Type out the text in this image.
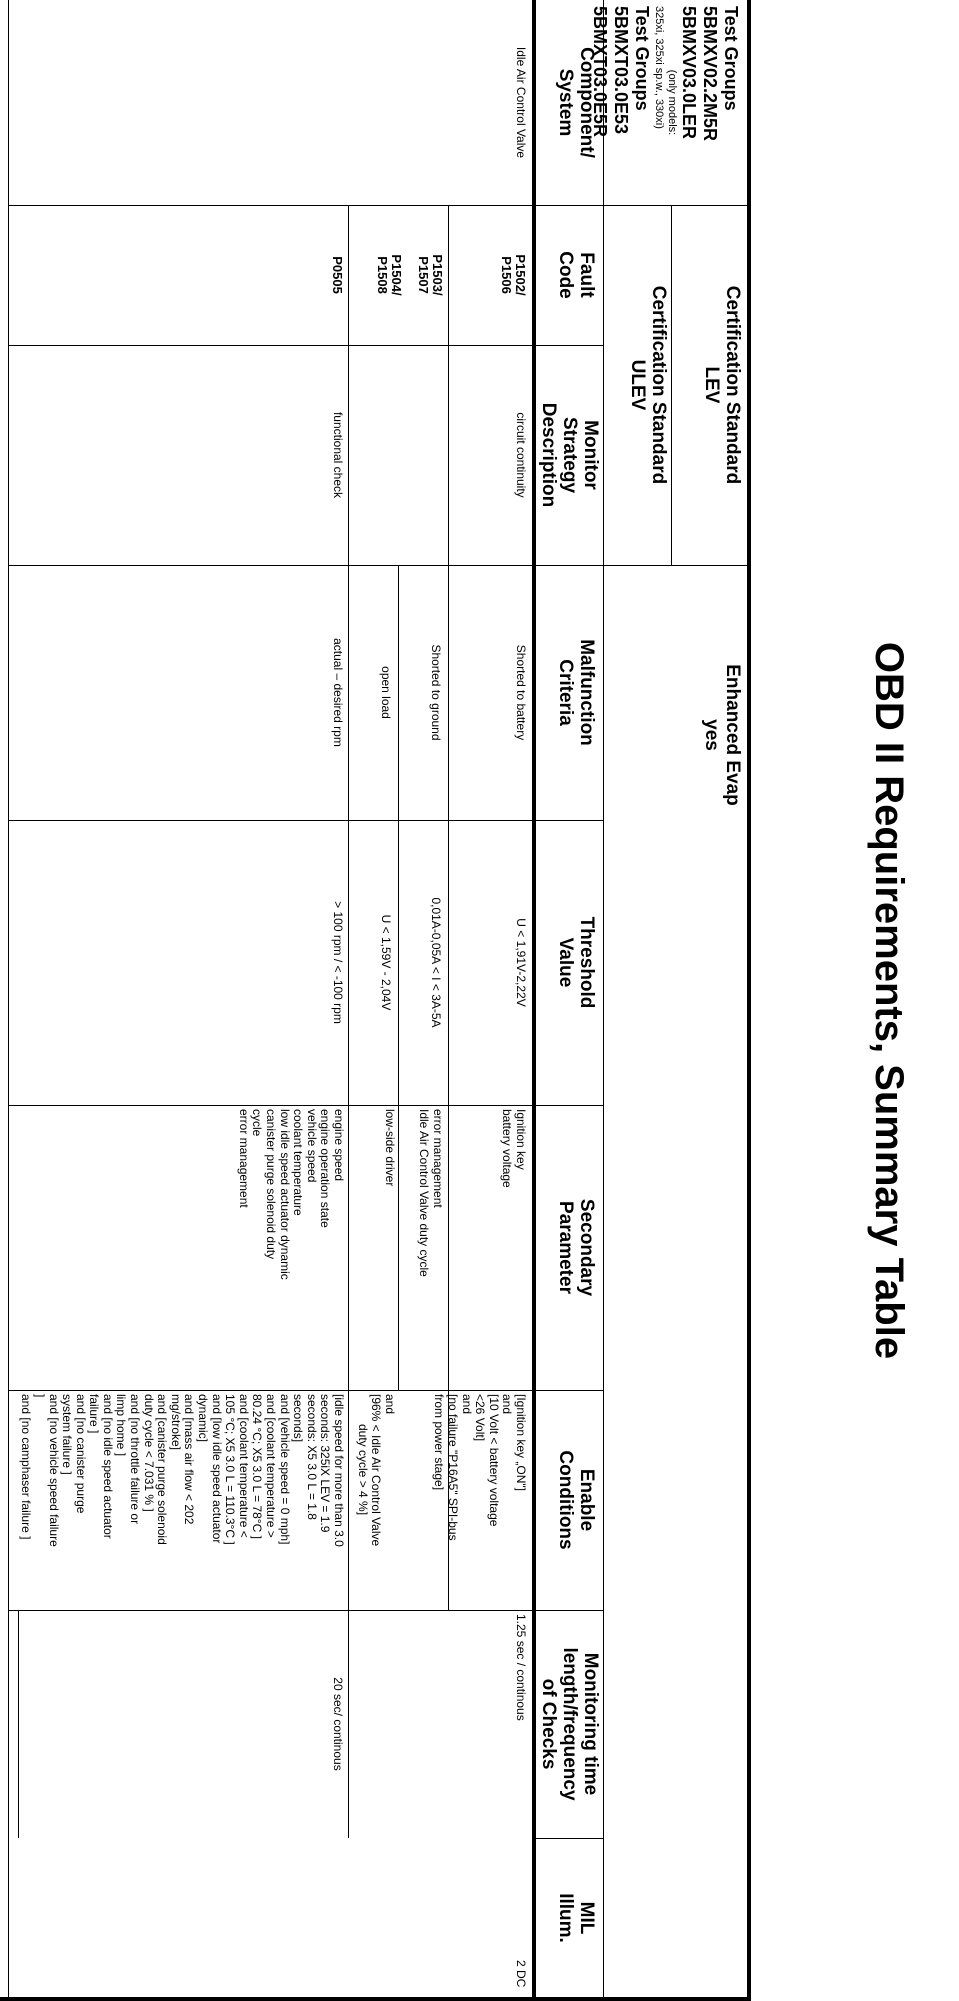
OBD II Requirements, Summary Table
Test Groups
5BMXV02.2M5R
5BMXV03.0LER
(only models:
325xi, 325xi sp.w., 330xi)
Test Groups
5BMXT03.0E53
5BMXT03.0E5R
Certification Standard
LEV
Certification Standard
ULEV
Enhanced Evap
yes
Component/
System
Fault
Code
Monitor
Strategy
Description
Malfunction
Criteria
Threshold
Value
Secondary
Parameter
Enable
Conditions
Monitoring time
length/frequency
of Checks
MIL
Illum.
Idle Air Control Valve
P1502/
P1506
circuit continuity
Shorted to battery
U < 1,91V-2,22V
Ignition key
battery voltage
[Ignition key „ON"]
and
[10 Volt < battery voltage
<26 Volt]
and
[no failure "P16A5" SPI-bus
from power stage]
1.25 sec / continous
2 DC
P1503/
P1507
Shorted to ground
0,01A-0,05A < I < 3A-5A
error management
Idle Air Control Valve duty cycle
P1504/
P1508
open load
U < 1,59V - 2,04V
low-side driver
and
[96% < Idle Air Control Valve
duty cycle > 4 %]
P0505
functional check
actual – desired rpm
> 100 rpm / < -100 rpm
engine speed
engine operation state
vehicle speed
coolant temperature
low idle speed actuator dynamic
canister purge solenoid duty
cycle
error management
[idle speed for more than 3.0
seconds: 325iX LEV = 1.9
seconds: X5 3.0 L = 1.8
seconds]
and [vehicle speed = 0 mph]
and [coolant temperature >
80.24 °C; X5 3.0 L = 78°C ]
and [coolant temperature <
105 °C; X5 3.0 L = 110.3°C ]
and [low idle speed actuator
dynamic]
and [mass air flow < 202
mg/stroke]
and [canister purge solenoid
duty cycle < 7.031 % ]
and [no throttle failure or
limp home ]
and [no idle speed actuator
failure ]
and [no canister purge
system failure ]
and [no vehicle speed failure
]
and [no camphaser failure ]
20 sec/ continous
